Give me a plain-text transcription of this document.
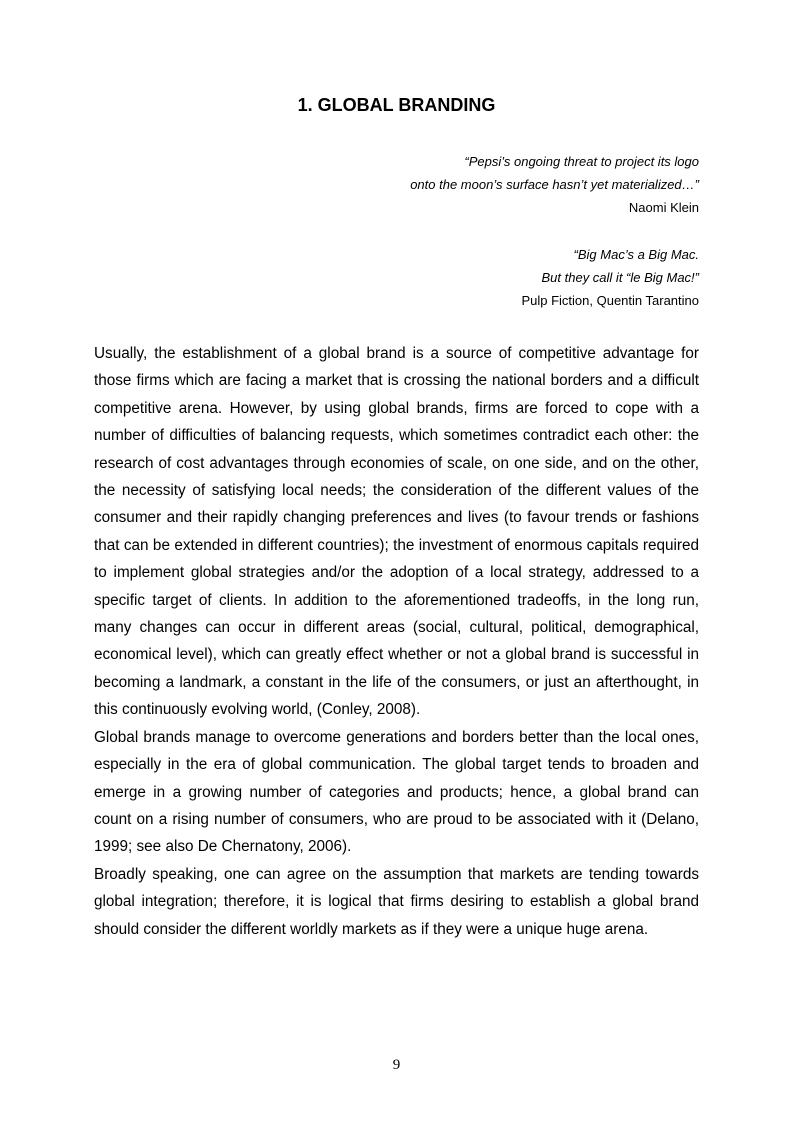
1. GLOBAL BRANDING
“Pepsi’s ongoing threat to project its logo
onto the moon’s surface hasn’t yet materialized…”
Naomi Klein
“Big Mac’s a Big Mac.
But they call it “le Big Mac!”
Pulp Fiction, Quentin Tarantino

Usually, the establishment of a global brand is a source of competitive advantage for those firms which are facing a market that is crossing the national borders and a difficult competitive arena. However, by using global brands, firms are forced to cope with a number of difficulties of balancing requests, which sometimes contradict each other: the research of cost advantages through economies of scale, on one side, and on the other, the necessity of satisfying local needs; the consideration of the different values of the consumer and their rapidly changing preferences and lives (to favour trends or fashions that can be extended in different countries); the investment of enormous capitals required to implement global strategies and/or the adoption of a local strategy, addressed to a specific target of clients. In addition to the aforementioned tradeoffs, in the long run, many changes can occur in different areas (social, cultural, political, demographical, economical level), which can greatly effect whether or not a global brand is successful in becoming a landmark, a constant in the life of the consumers, or just an afterthought, in this continuously evolving world, (Conley, 2008).

Global brands manage to overcome generations and borders better than the local ones, especially in the era of global communication. The global target tends to broaden and emerge in a growing number of categories and products; hence, a global brand can count on a rising number of consumers, who are proud to be associated with it (Delano, 1999; see also De Chernatony, 2006).

Broadly speaking, one can agree on the assumption that markets are tending towards global integration; therefore, it is logical that firms desiring to establish a global brand should consider the different worldly markets as if they were a unique huge arena.

9
